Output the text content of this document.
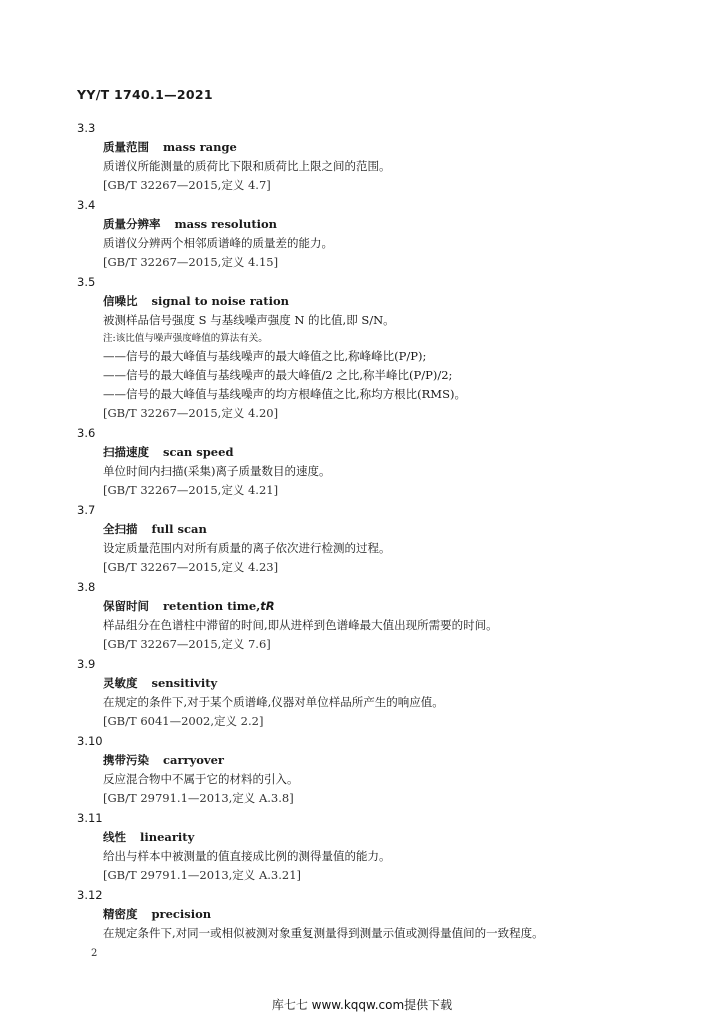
YY/T 1740.1—2021
3.3
质量范围 mass range
质谱仪所能测量的质荷比下限和质荷比上限之间的范围。
[GB/T 32267—2015,定义 4.7]
3.4
质量分辨率 mass resolution
质谱仪分辨两个相邻质谱峰的质量差的能力。
[GB/T 32267—2015,定义 4.15]
3.5
信噪比 signal to noise ration
被测样品信号强度 S 与基线噪声强度 N 的比值,即 S/N。
注:该比值与噪声强度峰值的算法有关。
——信号的最大峰值与基线噪声的最大峰值之比,称峰峰比(P/P);
——信号的最大峰值与基线噪声的最大峰值/2 之比,称半峰比(P/P)/2;
——信号的最大峰值与基线噪声的均方根峰值之比,称均方根比(RMS)。
[GB/T 32267—2015,定义 4.20]
3.6
扫描速度 scan speed
单位时间内扫描(采集)离子质量数目的速度。
[GB/T 32267—2015,定义 4.21]
3.7
全扫描 full scan
设定质量范围内对所有质量的离子依次进行检测的过程。
[GB/T 32267—2015,定义 4.23]
3.8
保留时间 retention time,tR
样品组分在色谱柱中滞留的时间,即从进样到色谱峰最大值出现所需要的时间。
[GB/T 32267—2015,定义 7.6]
3.9
灵敏度 sensitivity
在规定的条件下,对于某个质谱峰,仪器对单位样品所产生的响应值。
[GB/T 6041—2002,定义 2.2]
3.10
携带污染 carryover
反应混合物中不属于它的材料的引入。
[GB/T 29791.1—2013,定义 A.3.8]
3.11
线性 linearity
给出与样本中被测量的值直接成比例的测得量值的能力。
[GB/T 29791.1—2013,定义 A.3.21]
3.12
精密度 precision
在规定条件下,对同一或相似被测对象重复测量得到测量示值或测得量值间的一致程度。
2
库七七 www.kqqw.com提供下载
